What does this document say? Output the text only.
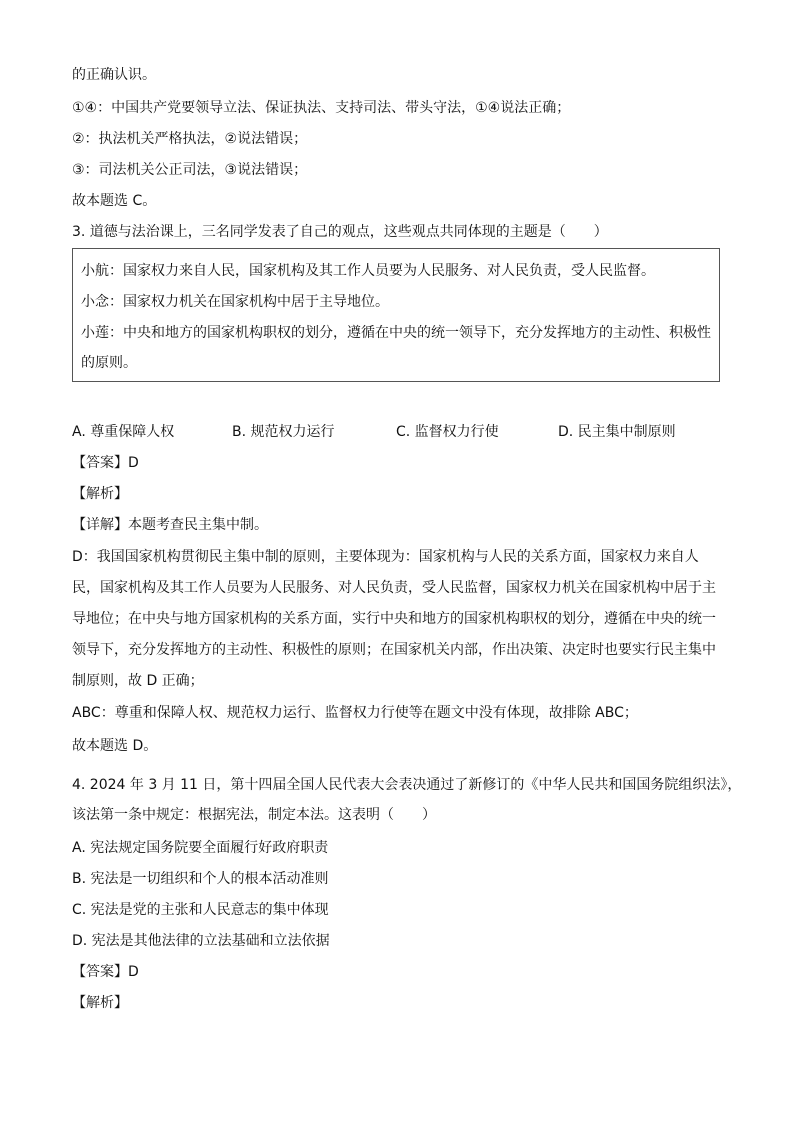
的正确认识。

①④：中国共产党要领导立法、保证执法、支持司法、带头守法，①④说法正确；

②：执法机关严格执法，②说法错误；

③：司法机关公正司法，③说法错误；

故本题选 C。

3. 道德与法治课上，三名同学发表了自己的观点，这些观点共同体现的主题是（　　）

小航：国家权力来自人民，国家机构及其工作人员要为人民服务、对人民负责，受人民监督。
小念：国家权力机关在国家机构中居于主导地位。
小莲：中央和地方的国家机构职权的划分，遵循在中央的统一领导下，充分发挥地方的主动性、积极性
的原则。
A. 尊重保障人权	B. 规范权力运行	C. 监督权力行使	D. 民主集中制原则

【答案】D

【解析】

【详解】本题考查民主集中制。

D：我国国家机构贯彻民主集中制的原则，主要体现为：国家机构与人民的关系方面，国家权力来自人

民，国家机构及其工作人员要为人民服务、对人民负责，受人民监督，国家权力机关在国家机构中居于主

导地位；在中央与地方国家机构的关系方面，实行中央和地方的国家机构职权的划分，遵循在中央的统一

领导下，充分发挥地方的主动性、积极性的原则；在国家机关内部，作出决策、决定时也要实行民主集中

制原则，故 D 正确；

ABC：尊重和保障人权、规范权力运行、监督权力行使等在题文中没有体现，故排除 ABC；

故本题选 D。

4. 2024 年 3 月 11 日，第十四届全国人民代表大会表决通过了新修订的《中华人民共和国国务院组织法》，

该法第一条中规定：根据宪法，制定本法。这表明（　　）

A. 宪法规定国务院要全面履行好政府职责

B. 宪法是一切组织和个人的根本活动准则

C. 宪法是党的主张和人民意志的集中体现

D. 宪法是其他法律的立法基础和立法依据

【答案】D

【解析】
